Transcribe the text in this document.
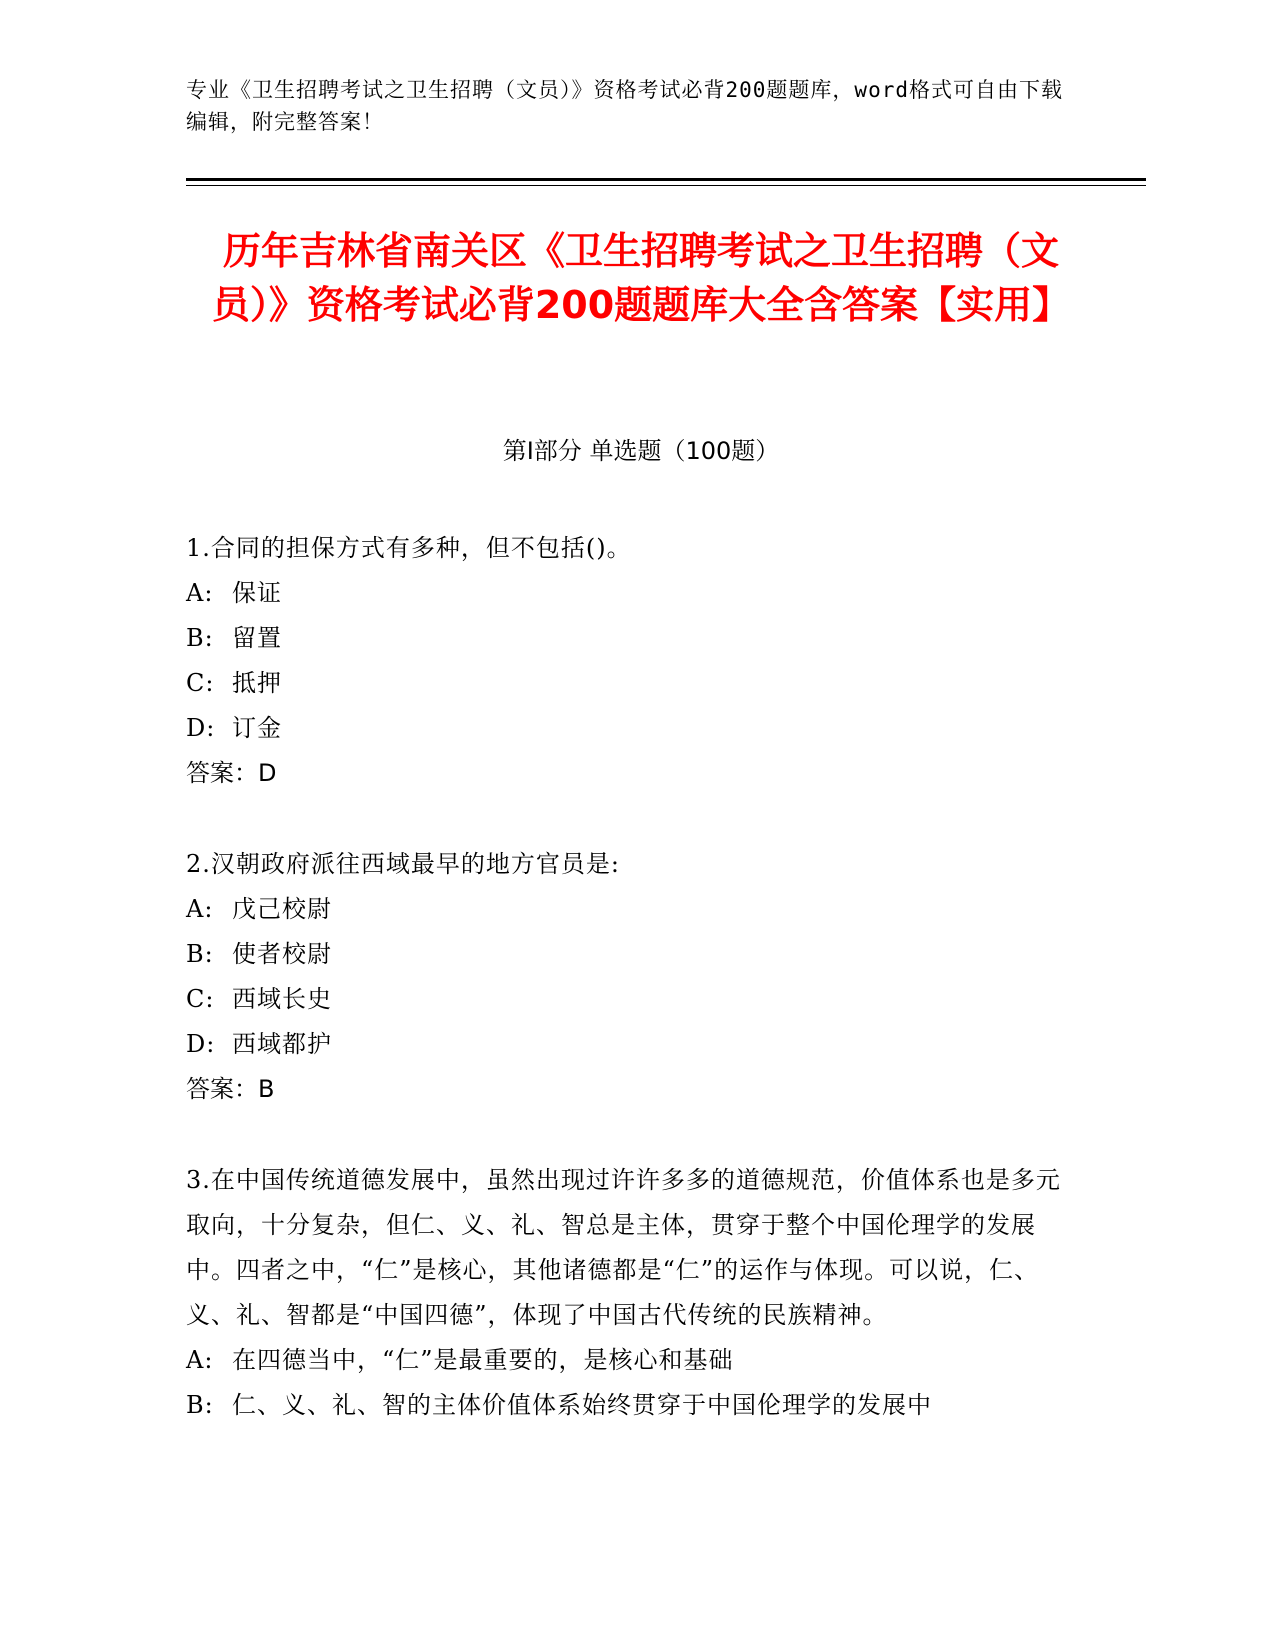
专业《卫生招聘考试之卫生招聘（文员）》资格考试必背200题题库，word格式可自由下载编辑，附完整答案！
历年吉林省南关区《卫生招聘考试之卫生招聘（文员）》资格考试必背200题题库大全含答案【实用】
第Ⅰ部分 单选题（100题）

1.合同的担保方式有多种，但不包括()。

A: 保证

B: 留置

C: 抵押

D: 订金

答案：D

2.汉朝政府派往西域最早的地方官员是:

A: 戊己校尉

B: 使者校尉

C: 西域长史

D: 西域都护

答案：B

3.在中国传统道德发展中，虽然出现过许许多多的道德规范，价值体系也是多元取向，十分复杂，但仁、义、礼、智总是主体，贯穿于整个中国伦理学的发展中。四者之中，“仁”是核心，其他诸德都是“仁”的运作与体现。可以说，仁、义、礼、智都是“中国四德”，体现了中国古代传统的民族精神。

A: 在四德当中，“仁”是最重要的，是核心和基础

B: 仁、义、礼、智的主体价值体系始终贯穿于中国伦理学的发展中
